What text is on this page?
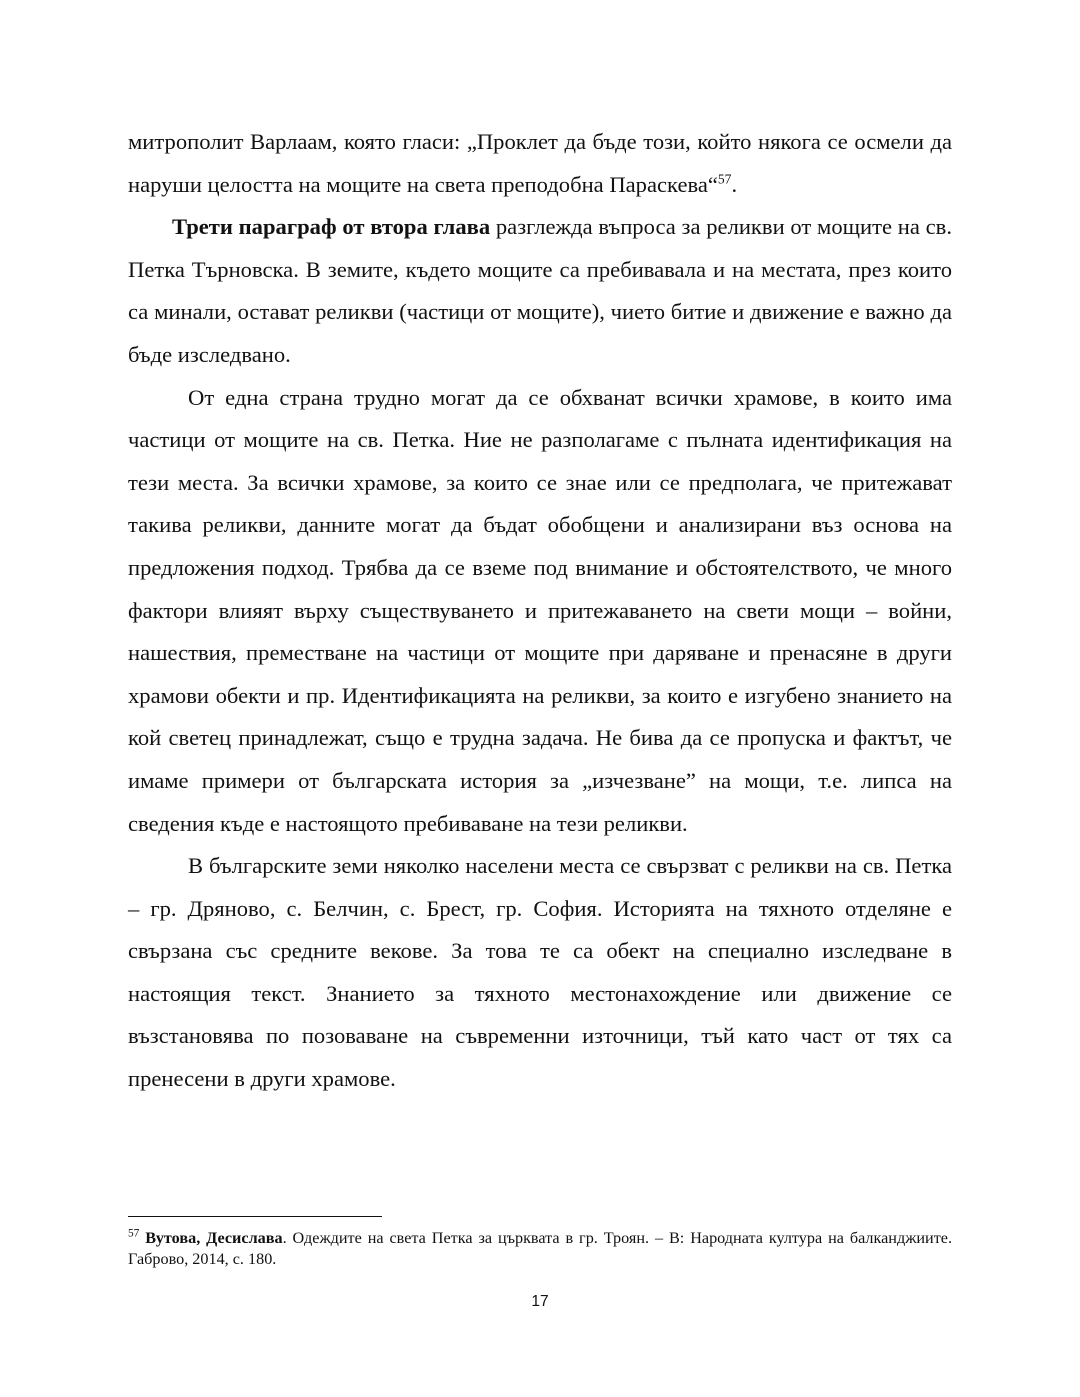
митрополит Варлаам, която гласи: „Проклет да бъде този, който някога се осмели да наруши целостта на мощите на света преподобна Параскева“$^{57}$.

Трети параграф от втора глава разглежда въпроса за реликви от мощите на св. Петка Търновска. В земите, където мощите са пребивавала и на местата, през които са минали, остават реликви (частици от мощите), чието битие и движение е важно да бъде изследвано.

От една страна трудно могат да се обхванат всички храмове, в които има частици от мощите на св. Петка. Ние не разполагаме с пълната идентификация на тези места. За всички храмове, за които се знае или се предполага, че притежават такива реликви, данните могат да бъдат обобщени и анализирани въз основа на предложения подход. Трябва да се вземе под внимание и обстоятелството, че много фактори влияят върху съществуването и притежаването на свети мощи – войни, нашествия, преместване на частици от мощите при даряване и пренасяне в други храмови обекти и пр. Идентификацията на реликви, за които е изгубено знанието на кой светец принадлежат, също е трудна задача. Не бива да се пропуска и фактът, че имаме примери от българската история за „изчезване” на мощи, т.е. липса на сведения къде е настоящото пребиваване на тези реликви.

В българските земи няколко населени места се свързват с реликви на св. Петка – гр. Дряново, с. Белчин, с. Брест, гр. София. Историята на тяхното отделяне е свързана със средните векове. За това те са обект на специално изследване в настоящия текст. Знанието за тяхното местонахождение или движение се възстановява по позоваване на съвременни източници, тъй като част от тях са пренесени в други храмове.

$^{57}$ Вутова, Десислава. Одеждите на света Петка за църквата в гр. Троян. – В: Народната култура на балканджиите. Габрово, 2014, с. 180.
17
